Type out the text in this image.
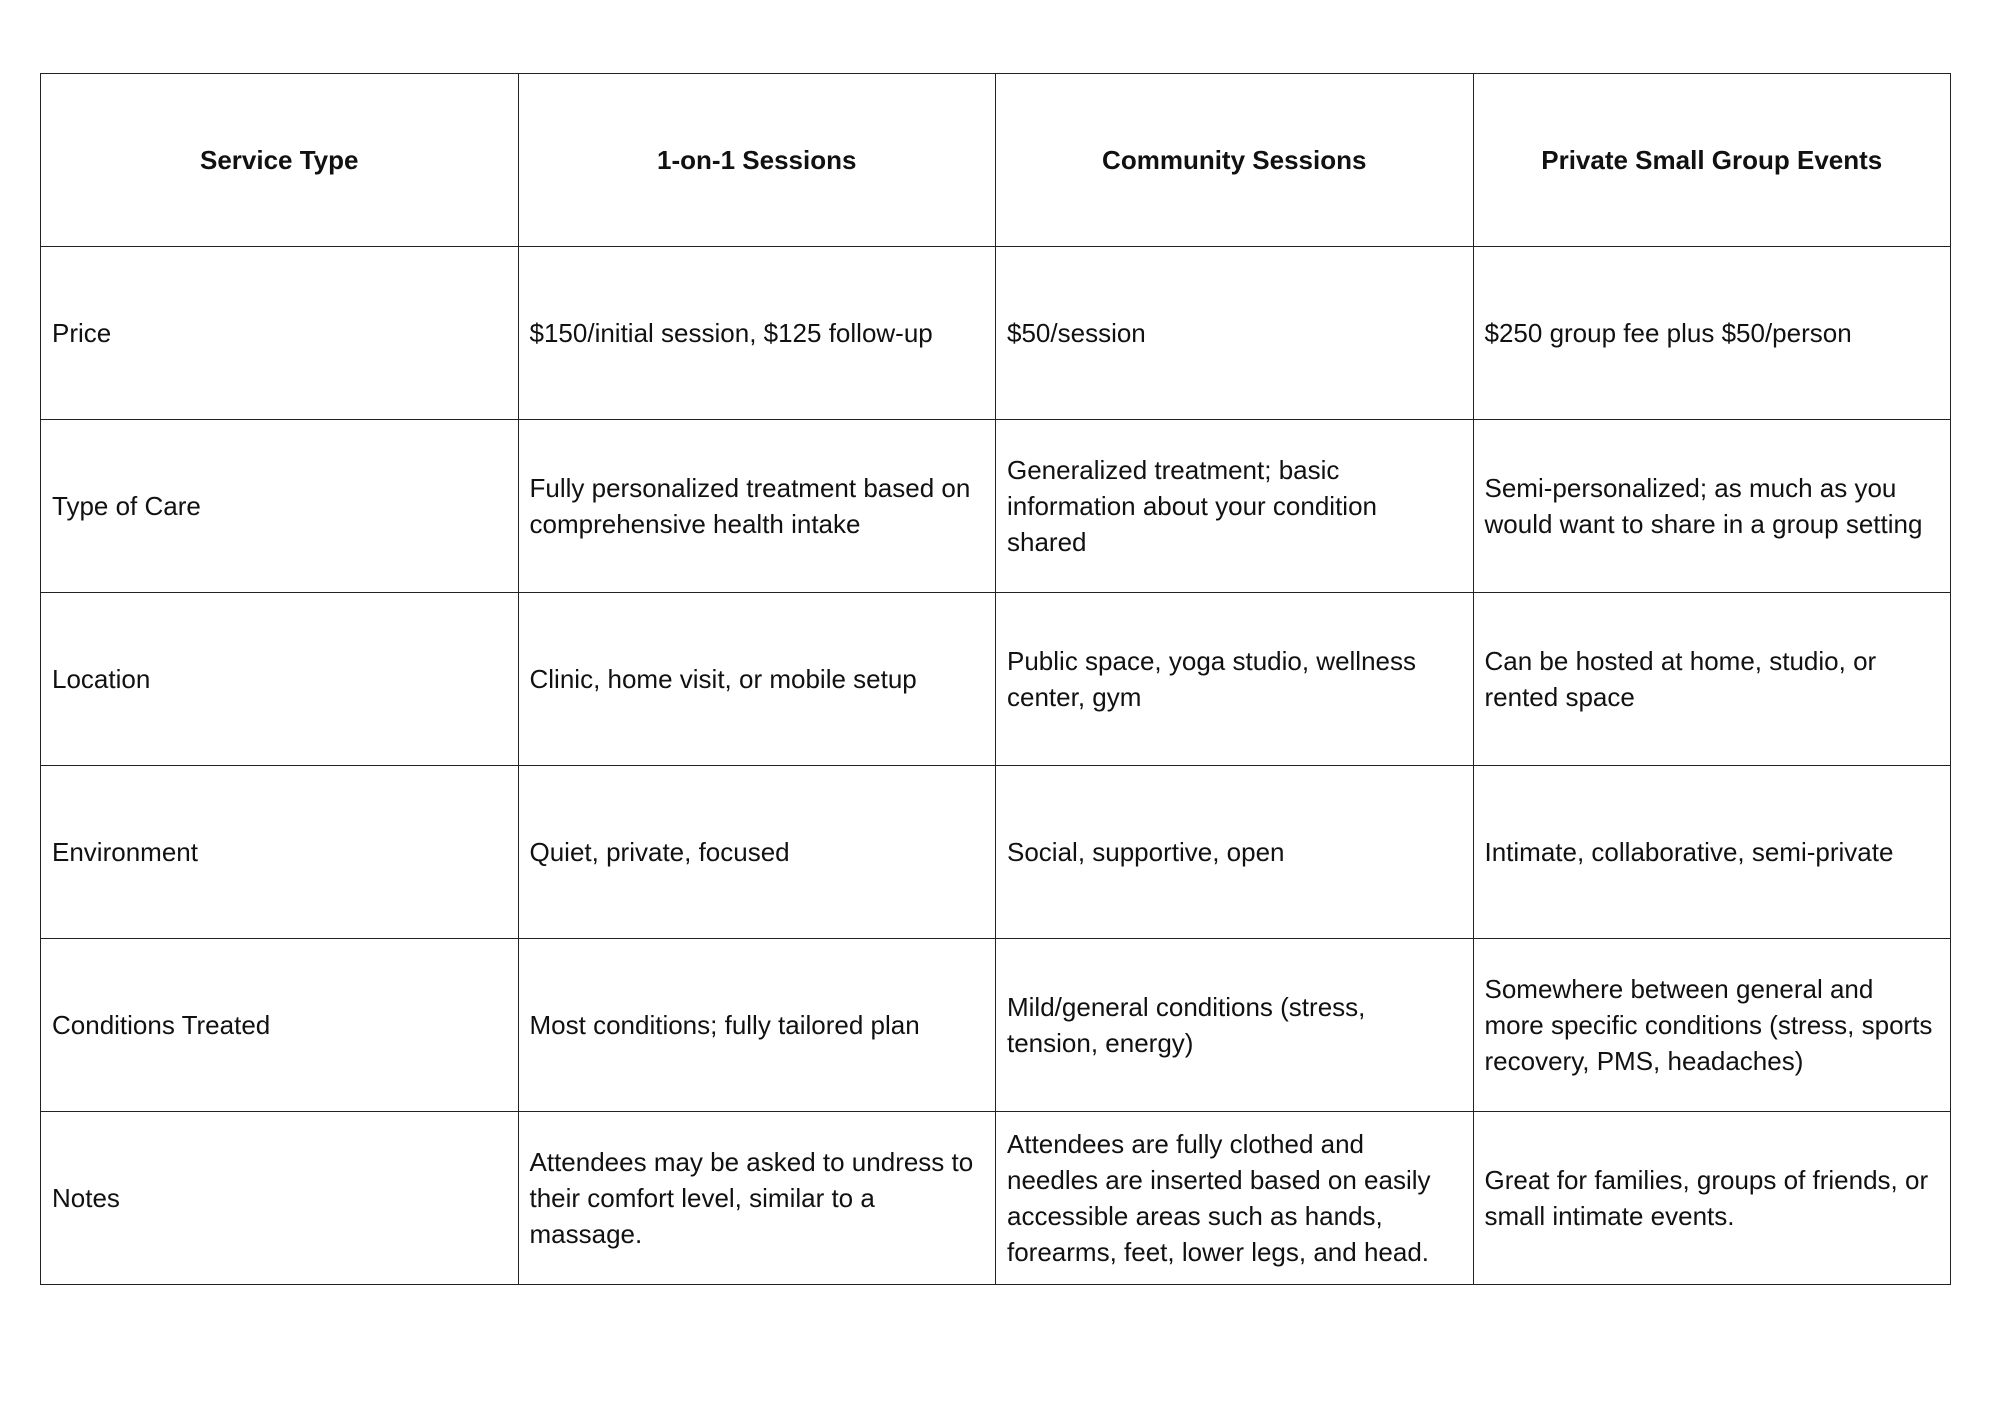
Service Type	1-on-1 Sessions	Community Sessions	Private Small Group Events
Price	$150/initial session, $125 follow-up	$50/session	$250 group fee plus $50/person
Type of Care	Fully personalized treatment based on comprehensive health intake	Generalized treatment; basic information about your condition shared	Semi-personalized; as much as you would want to share in a group setting
Location	Clinic, home visit, or mobile setup	Public space, yoga studio, wellness center, gym	Can be hosted at home, studio, or rented space
Environment	Quiet, private, focused	Social, supportive, open	Intimate, collaborative, semi-private
Conditions Treated	Most conditions; fully tailored plan	Mild/general conditions (stress, tension, energy)	Somewhere between general and more specific conditions (stress, sports recovery, PMS, headaches)
Notes	Attendees may be asked to undress to their comfort level, similar to a massage.	Attendees are fully clothed and needles are inserted based on easily accessible areas such as hands, forearms, feet, lower legs, and head.	Great for families, groups of friends, or small intimate events.
